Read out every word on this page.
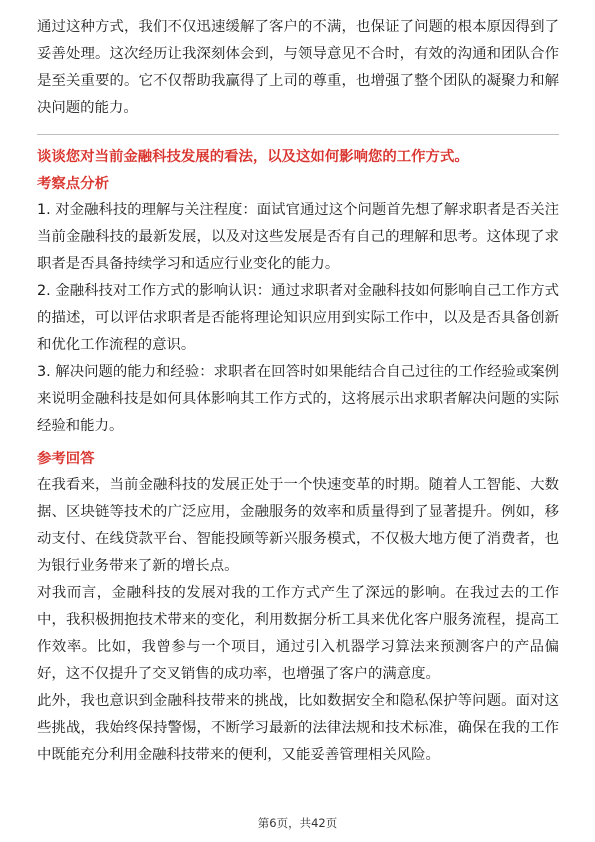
通过这种方式，我们不仅迅速缓解了客户的不满，也保证了问题的根本原因得到了妥善处理。这次经历让我深刻体会到，与领导意见不合时，有效的沟通和团队合作是至关重要的。它不仅帮助我赢得了上司的尊重，也增强了整个团队的凝聚力和解决问题的能力。

谈谈您对当前金融科技发展的看法，以及这如何影响您的工作方式。
考察点分析

1. 对金融科技的理解与关注程度：面试官通过这个问题首先想了解求职者是否关注当前金融科技的最新发展，以及对这些发展是否有自己的理解和思考。这体现了求职者是否具备持续学习和适应行业变化的能力。

2. 金融科技对工作方式的影响认识：通过求职者对金融科技如何影响自己工作方式的描述，可以评估求职者是否能将理论知识应用到实际工作中，以及是否具备创新和优化工作流程的意识。

3. 解决问题的能力和经验：求职者在回答时如果能结合自己过往的工作经验或案例来说明金融科技是如何具体影响其工作方式的，这将展示出求职者解决问题的实际经验和能力。

参考回答

在我看来，当前金融科技的发展正处于一个快速变革的时期。随着人工智能、大数据、区块链等技术的广泛应用，金融服务的效率和质量得到了显著提升。例如，移动支付、在线贷款平台、智能投顾等新兴服务模式，不仅极大地方便了消费者，也为银行业务带来了新的增长点。

对我而言，金融科技的发展对我的工作方式产生了深远的影响。在我过去的工作中，我积极拥抱技术带来的变化，利用数据分析工具来优化客户服务流程，提高工作效率。比如，我曾参与一个项目，通过引入机器学习算法来预测客户的产品偏好，这不仅提升了交叉销售的成功率，也增强了客户的满意度。

此外，我也意识到金融科技带来的挑战，比如数据安全和隐私保护等问题。面对这些挑战，我始终保持警惕，不断学习最新的法律法规和技术标准，确保在我的工作中既能充分利用金融科技带来的便利，又能妥善管理相关风险。

第6页，共42页
